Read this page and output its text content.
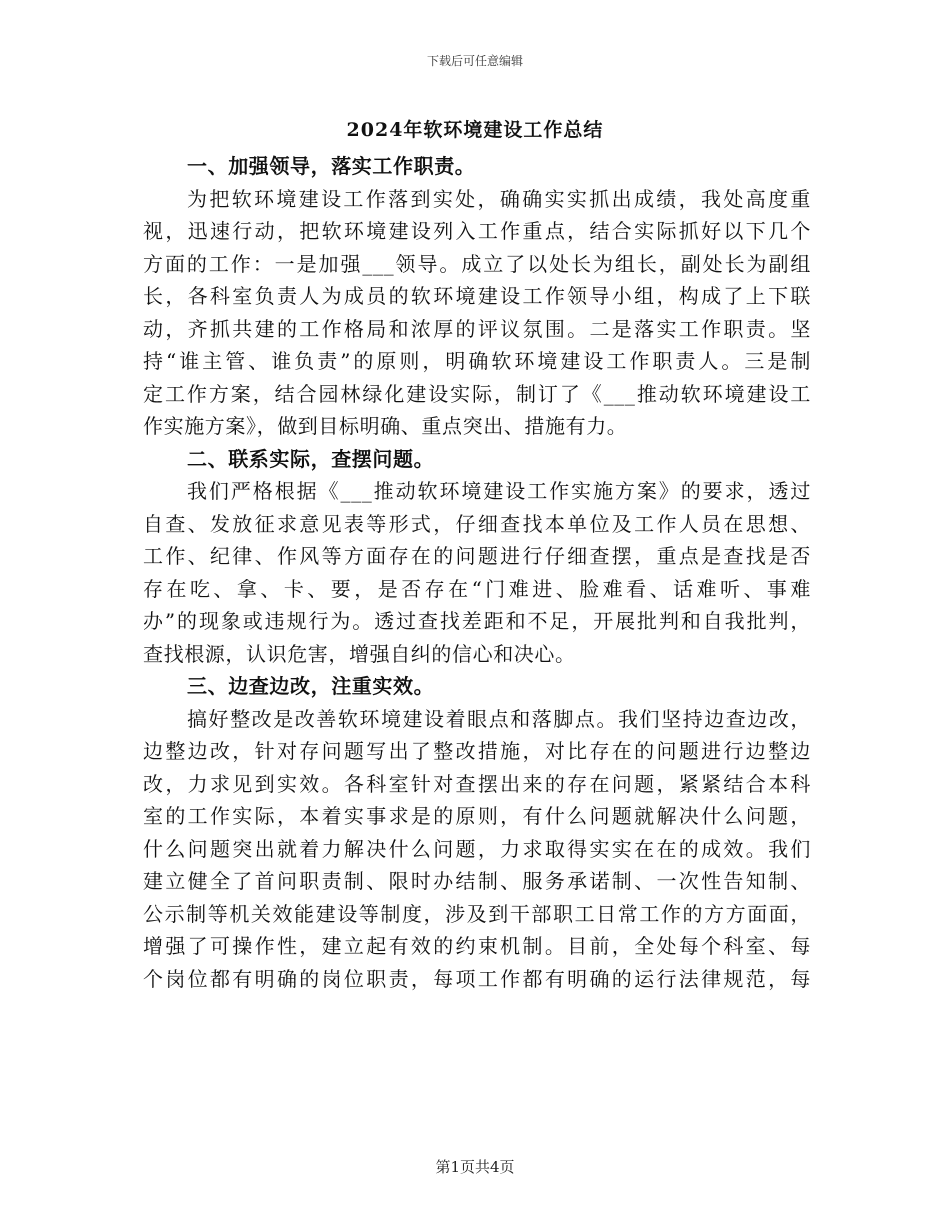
下载后可任意编辑
2024年软环境建设工作总结
一、加强领导，落实工作职责。
为把软环境建设工作落到实处，确确实实抓出成绩，我处高度重
视，迅速行动，把软环境建设列入工作重点，结合实际抓好以下几个
方面的工作：一是加强___领导。成立了以处长为组长，副处长为副组
长，各科室负责人为成员的软环境建设工作领导小组，构成了上下联
动，齐抓共建的工作格局和浓厚的评议氛围。二是落实工作职责。坚
持“谁主管、谁负责”的原则，明确软环境建设工作职责人。三是制
定工作方案，结合园林绿化建设实际，制订了《___推动软环境建设工
作实施方案》，做到目标明确、重点突出、措施有力。
二、联系实际，查摆问题。
我们严格根据《___推动软环境建设工作实施方案》的要求，透过
自查、发放征求意见表等形式，仔细查找本单位及工作人员在思想、
工作、纪律、作风等方面存在的问题进行仔细查摆，重点是查找是否
存在吃、拿、卡、要，是否存在“门难进、脸难看、话难听、事难
办”的现象或违规行为。透过查找差距和不足，开展批判和自我批判，
查找根源，认识危害，增强自纠的信心和决心。
三、边查边改，注重实效。
搞好整改是改善软环境建设着眼点和落脚点。我们坚持边查边改，
边整边改，针对存问题写出了整改措施，对比存在的问题进行边整边
改，力求见到实效。各科室针对查摆出来的存在问题，紧紧结合本科
室的工作实际，本着实事求是的原则，有什么问题就解决什么问题，
什么问题突出就着力解决什么问题，力求取得实实在在的成效。我们
建立健全了首问职责制、限时办结制、服务承诺制、一次性告知制、
公示制等机关效能建设等制度，涉及到干部职工日常工作的方方面面，
增强了可操作性，建立起有效的约束机制。目前，全处每个科室、每
个岗位都有明确的岗位职责，每项工作都有明确的运行法律规范，每
第1页共4页
